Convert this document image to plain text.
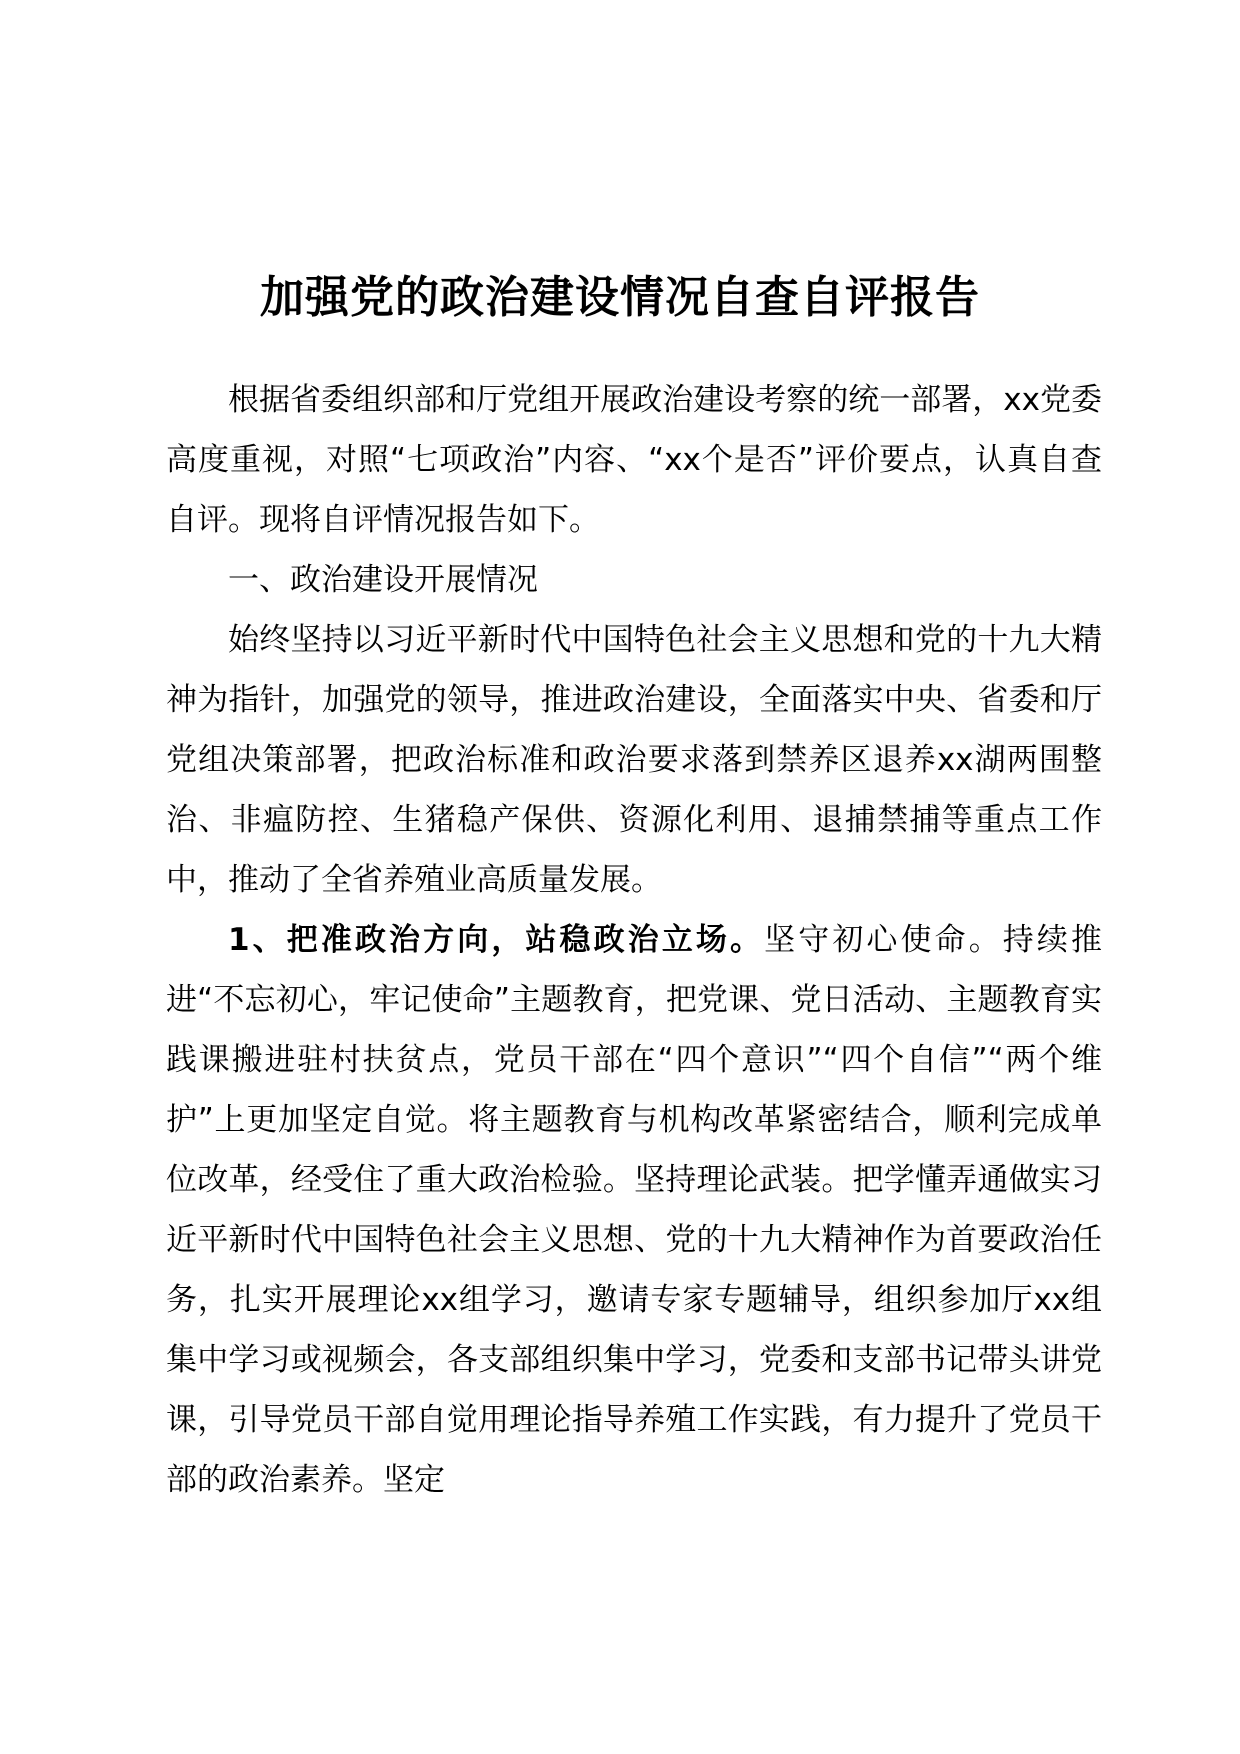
加强党的政治建设情况自查自评报告

根据省委组织部和厅党组开展政治建设考察的统一部署，xx党委高度重视，对照“七项政治”内容、“xx个是否”评价要点，认真自查自评。现将自评情况报告如下。

一、政治建设开展情况

始终坚持以习近平新时代中国特色社会主义思想和党的十九大精神为指针，加强党的领导，推进政治建设，全面落实中央、省委和厅党组决策部署，把政治标准和政治要求落到禁养区退养xx湖两围整治、非瘟防控、生猪稳产保供、资源化利用、退捕禁捕等重点工作中，推动了全省养殖业高质量发展。

1、把准政治方向，站稳政治立场。坚守初心使命。持续推进“不忘初心，牢记使命”主题教育，把党课、党日活动、主题教育实践课搬进驻村扶贫点，党员干部在“四个意识”“四个自信”“两个维护”上更加坚定自觉。将主题教育与机构改革紧密结合，顺利完成单位改革，经受住了重大政治检验。坚持理论武装。把学懂弄通做实习近平新时代中国特色社会主义思想、党的十九大精神作为首要政治任务，扎实开展理论xx组学习，邀请专家专题辅导，组织参加厅xx组集中学习或视频会，各支部组织集中学习，党委和支部书记带头讲党课，引导党员干部自觉用理论指导养殖工作实践，有力提升了党员干部的政治素养。坚定
